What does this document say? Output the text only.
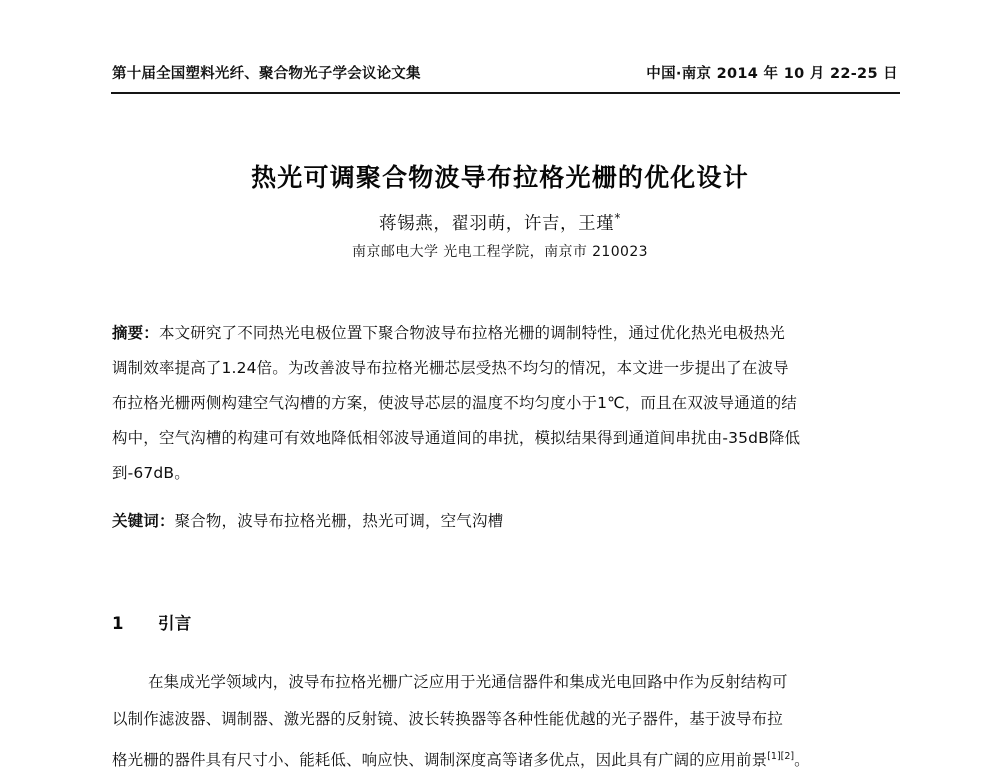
第十届全国塑料光纤、聚合物光子学会议论文集	中国·南京 2014 年 10 月 22-25 日
热光可调聚合物波导布拉格光栅的优化设计
蒋锡燕，翟羽萌，许吉，王瑾*
南京邮电大学 光电工程学院，南京市 210023
摘要：本文研究了不同热光电极位置下聚合物波导布拉格光栅的调制特性，通过优化热光电极热光
调制效率提高了1.24倍。为改善波导布拉格光栅芯层受热不均匀的情况，本文进一步提出了在波导
布拉格光栅两侧构建空气沟槽的方案，使波导芯层的温度不均匀度小于1℃，而且在双波导通道的结
构中，空气沟槽的构建可有效地降低相邻波导通道间的串扰，模拟结果得到通道间串扰由-35dB降低
到-67dB。
关键词：聚合物，波导布拉格光栅，热光可调，空气沟槽
1 引言
在集成光学领域内，波导布拉格光栅广泛应用于光通信器件和集成光电回路中作为反射结构可
以制作滤波器、调制器、激光器的反射镜、波长转换器等各种性能优越的光子器件，基于波导布拉
格光栅的器件具有尺寸小、能耗低、响应快、调制深度高等诸多优点，因此具有广阔的应用前景[1][2]。
